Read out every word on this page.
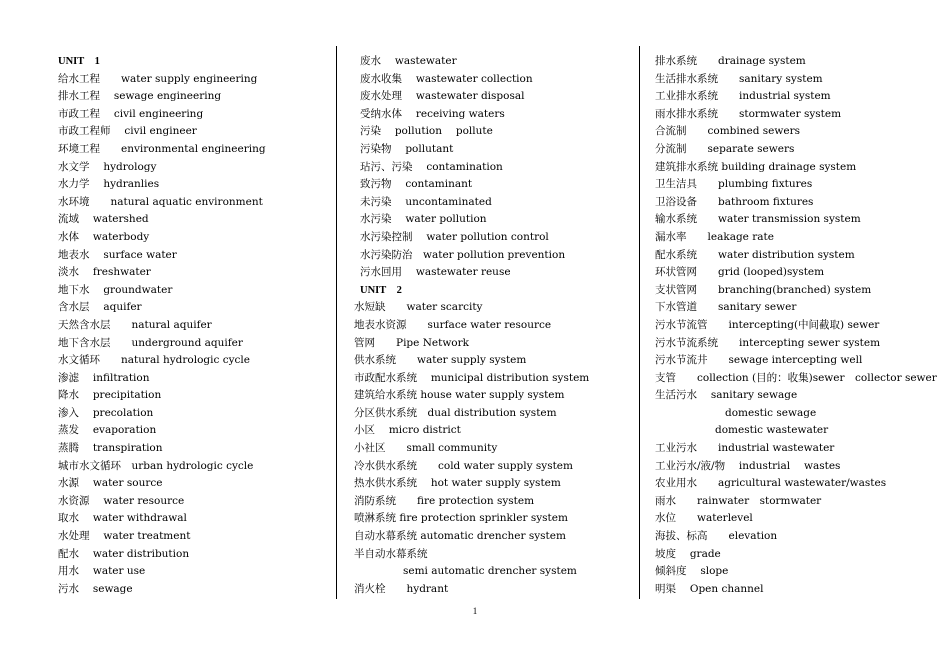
UNIT　1
给水工程　　water supply engineering
排水工程　 sewage engineering
市政工程　 civil engineering
市政工程师　 civil engineer
环境工程　　environmental engineering
水文学　 hydrology
水力学　 hydranlies
水环境　　natural aquatic environment
流域　 watershed
水体　 waterbody
地表水　 surface water
淡水　 freshwater
地下水　 groundwater
含水层　 aquifer
天然含水层　　natural aquifer
地下含水层　　underground aquifer
水文循环　　natural hydrologic cycle
渗滤　 infiltration
降水　 precipitation
渗入　 precolation
蒸发　 evaporation
蒸腾　 transpiration
城市水文循环　urban hydrologic cycle
水源　 water source
水资源　 water resource
取水　 water withdrawal
水处理　 water treatment
配水　 water distribution
用水　 water use
污水　 sewage
废水　 wastewater
废水收集　 wastewater collection
废水处理　 wastewater disposal
受纳水体　 receiving waters
污染　 pollution　 pollute
污染物　 pollutant
玷污、污染　 contamination
致污物　 contaminant
未污染　 uncontaminated
水污染　 water pollution
水污染控制　 water pollution control
水污染防治　water pollution prevention
污水回用　 wastewater reuse
UNIT　2
水短缺　　water scarcity
地表水资源　　surface water resource
管网　　Pipe Network
供水系统　　water supply system
市政配水系统　 municipal distribution system
建筑给水系统 house water supply system
分区供水系统　dual distribution system
小区　 micro district
小社区　　small community
冷水供水系统　　cold water supply system
热水供水系统　 hot water supply system
消防系统　　fire protection system
喷淋系统 fire protection sprinkler system
自动水幕系统 automatic drencher system
半自动水幕系统
semi automatic drencher system
消火栓　　hydrant
排水系统　　drainage system
生活排水系统　　sanitary system
工业排水系统　　industrial system
雨水排水系统　　stormwater system
合流制　　combined sewers
分流制　　separate sewers
建筑排水系统 building drainage system
卫生洁具　　plumbing fixtures
卫浴设备　　bathroom fixtures
输水系统　　water transmission system
漏水率　　leakage rate
配水系统　　water distribution system
环状管网　　grid (looped)system
支状管网　　branching(branched) system
下水管道　　sanitary sewer
污水节流管　　intercepting(中间截取) sewer
污水节流系统　　intercepting sewer system
污水节流井　　sewage intercepting well
支管　　collection (目的：收集)sewer　collector sewer
生活污水　 sanitary sewage
domestic sewage
domestic wastewater
工业污水　　industrial wastewater
工业污水/液/物　 industrial　 wastes
农业用水　　agricultural wastewater/wastes
雨水　　rainwater　stormwater
水位　　waterlevel
海拔、标高　　elevation
坡度　 grade
倾斜度　 slope
明渠　 Open channel
1
